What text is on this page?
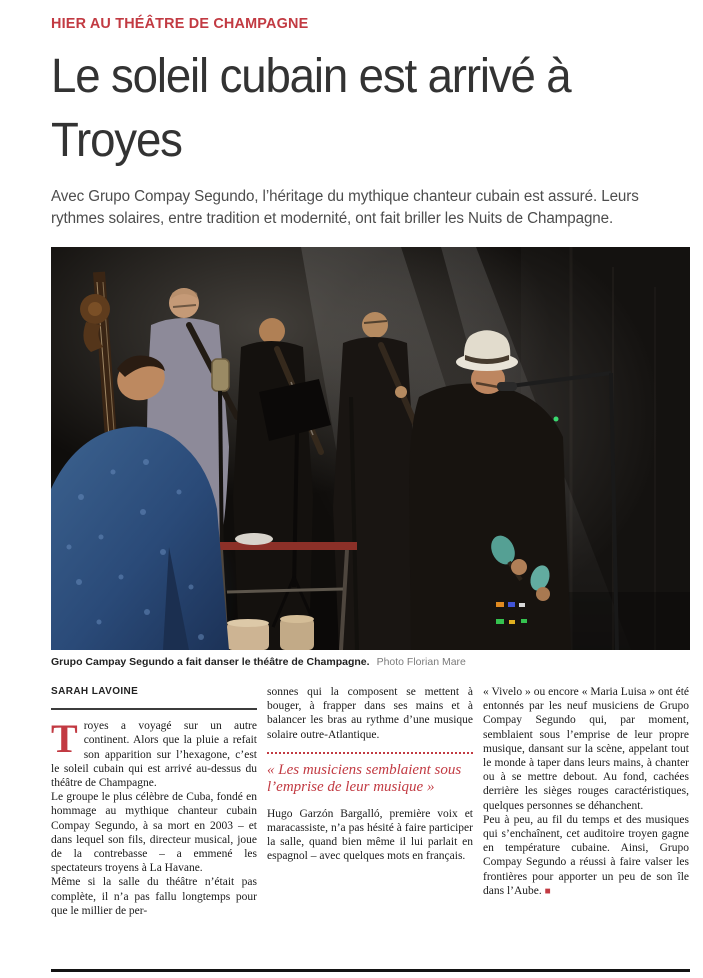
HIER AU THÉÂTRE DE CHAMPAGNE
Le soleil cubain est arrivé à Troyes
Avec Grupo Compay Segundo, l’héritage du mythique chanteur cubain est assuré. Leurs rythmes solaires, entre tradition et modernité, ont fait briller les Nuits de Champagne.
Grupo Campay Segundo a fait danser le théâtre de Champagne. Photo Florian Mare
SARAH LAVOINE

Troyes a voyagé sur un autre continent. Alors que la pluie a refait son apparition sur l’hexagone, c’est le soleil cubain qui est arrivé au-dessus du théâtre de Champagne.

Le groupe le plus célèbre de Cuba, fondé en hommage au mythique chanteur cubain Compay Segundo, à sa mort en 2003 – et dans lequel son fils, directeur musical, joue de la contrebasse – a emmené les spectateurs troyens à La Havane.

Même si la salle du théâtre n’était pas complète, il n’a pas fallu longtemps pour que le millier de per-

sonnes qui la composent se mettent à bouger, à frapper dans ses mains et à balancer les bras au rythme d’une musique solaire outre-Atlantique.

« Les musiciens semblaient sous l’emprise de leur musique »

Hugo Garzón Bargalló, première voix et maracassiste, n’a pas hésité à faire participer la salle, quand bien même il lui parlait en espagnol – avec quelques mots en français.

« Vivelo » ou encore « Maria Luisa » ont été entonnés par les neuf musiciens de Grupo Compay Segundo qui, par moment, semblaient sous l’emprise de leur propre musique, dansant sur la scène, appelant tout le monde à taper dans leurs mains, à chanter ou à se mettre debout. Au fond, cachées derrière les sièges rouges caractéristiques, quelques personnes se déhanchent.

Peu à peu, au fil du temps et des musiques qui s’enchaînent, cet auditoire troyen gagne en température cubaine. Ainsi, Grupo Compay Segundo a réussi à faire valser les frontières pour apporter un peu de son île dans l’Aube. ■
